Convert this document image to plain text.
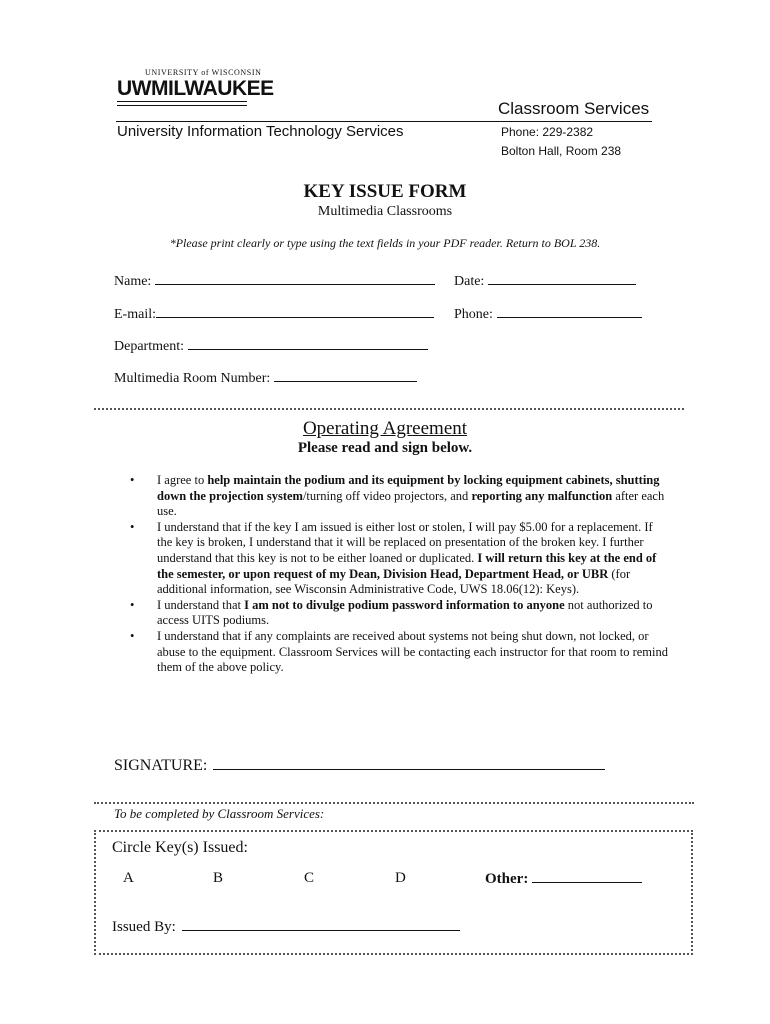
UNIVERSITY of WISCONSIN
UWMILWAUKEE
Classroom Services
University Information Technology Services	Phone: 229-2382
Bolton Hall, Room 238
KEY ISSUE FORM
Multimedia Classrooms
*Please print clearly or type using the text fields in your PDF reader. Return to BOL 238.
Name:	Date:
E-mail:	Phone:
Department:
Multimedia Room Number:
Operating Agreement
Please read and sign below.
• I agree to help maintain the podium and its equipment by locking equipment cabinets, shutting down the projection system/turning off video projectors, and reporting any malfunction after each use.
• I understand that if the key I am issued is either lost or stolen, I will pay $5.00 for a replacement. If the key is broken, I understand that it will be replaced on presentation of the broken key. I further understand that this key is not to be either loaned or duplicated. I will return this key at the end of the semester, or upon request of my Dean, Division Head, Department Head, or UBR (for additional information, see Wisconsin Administrative Code, UWS 18.06(12): Keys).
• I understand that I am not to divulge podium password information to anyone not authorized to access UITS podiums.
• I understand that if any complaints are received about systems not being shut down, not locked, or abuse to the equipment. Classroom Services will be contacting each instructor for that room to remind them of the above policy.
SIGNATURE:
To be completed by Classroom Services:
Circle Key(s) Issued:
A	B	C	D	Other:
Issued By:
